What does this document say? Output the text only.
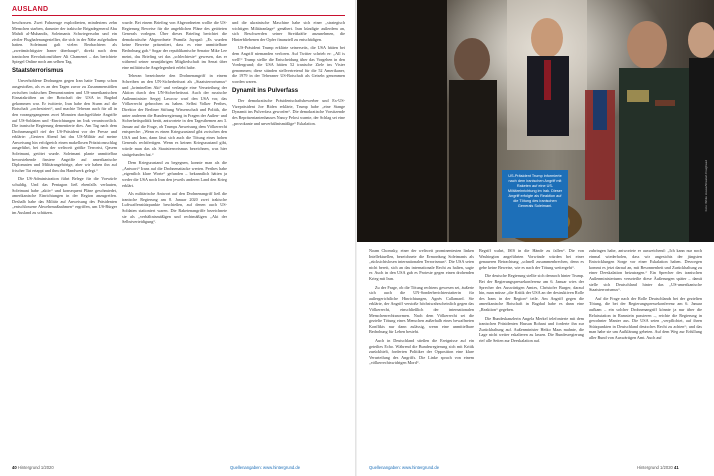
AUSLAND

beschossen. Zwei Fahrzeuge explodierten, mindestens zehn Menschen starben, darunter der irakische Brigadegeneral Abu Mahdi al-Muhandis, Soleimanis Schwiegersohn und ein ziviler Flughafenangestellter, die sich in der Nähe aufgehalten hatten. Soleimani galt vielen Beobachtern als „zweitmächtigster Iraner überhaupt“, direkt nach dem iranischen Revolutionsführer Ali Chamenei – das berichtete Spiegel Online noch am selben Tag.

Staatsterrorismus

Unverhohlene Drohungen gegen Iran hatte Trump schon ausgestoßen, als es an den Tagen zuvor zu Zusammenstößen zwischen irakischen Demonstranten und US-amerikanischen Einsatzkräften an der Botschaft der USA in Bagdad gekommen war. Er twitterte, Iran habe den Sturm auf die Botschaft „orchestriert“, und machte Teheran auch für all in den vorangegangenen zwei Monaten durchgeführte Angriffe auf US-Soldaten und -Einrichtungen im Irak verantwortlich. Die iranische Regierung dementierte dies. Am Tag nach dem Drohnenangriff rief der US-Präsident vor der Presse und erklärte: „Gestern Abend hat das US-Militär auf meine Anweisung hin erfolgreich einen makellosen Präzisionsschlag ausgeführt, bei dem der weltweit größte Terrorist, Qasem Soleimani, getötet wurde. Soleimani plante unmittelbar bevorstehende finstere Angriffe auf amerikanische Diplomaten und Militärangehörige, aber wir haben ihn auf frischer Tat ertappt und ihm das Handwerk gelegt.“

Die US-Administration führt Belege für die Vorwürfe schuldig. Und das Pentagon ließ ebenfalls verlauten, Soleimani habe „aktiv“ und konsequent Pläne geschmiedet, amerikanische Einrichtungen in der Region anzugreifen. Deshalb habe das Militär auf Anweisung des Präsidenten „entschlossene Abwehrmaßnahmen“ ergriffen, um US-Bürger im Ausland zu schützen.

wurde. Bei einem Briefing von Abgeordneten wollte die US-Regierung Beweise für die angeblichen Pläne des getöteten Generals vorlegen. Über dieses Briefing berichtet die demokratische Abgeordnete Pramila Jayapal: „Es wurden keine Beweise präsentiert, dass es eine unmittelbare Bedrohung gab.“ Sogar der republikanische Senator Mike Lee meint, das Briefing sei das „schlechteste“ gewesen, das er während seiner neunjährigen Mitgliedschaft im Senat über eine militärische Angelegenheit erlebt habe.

Teheran bezeichnete den Drohnenangriff in einem Schreiben an den UN-Sicherheitsrat als „Staatsterrorismus“ und „kriminellen Akt“ und verlangte eine Verurteilung der Aktion durch den UN-Sicherheitsrat. Auch der russische Außenminister Sergej Lawrow warf den USA vor, das Völkerrecht gebrochen zu haben. Selbst Volker Perthes, Direktor der Berliner Stiftung Wissenschaft und Politik, die unter anderem die Bundesregierung in Fragen der Außen- und Sicherheitspolitik berät, antwortete in den Tagesthemen am 3. Januar auf die Frage, ob Trumps Anweisung dem Völkerrecht entspreche: „Wenn es einen Kriegszustand gibt zwischen den USA und Iran, dann lässt sich auch die Tötung eines hohen Generals rechtfertigen. Wenn es keinen Kriegszustand gibt, würde man das als Staatsterrorismus bezeichnen, was hier stattgefunden hat.“

Dem Kriegszustand zu begegnen, konnte man als die „Antwort“ Irans auf die Drohnenattacke werten. Perthes habe „eigentlich klare Worte“ gefunden – bekanntlich hätten ja weder die USA noch Iran den jeweils anderen Land den Krieg erklärt.

Als militärische Antwort auf den Drohnenangriff ließ die iranische Regierung am 8. Januar 2020 zwei irakische Luftwaffenstützpunkte beschießen, auf denen auch US-Soldaten stationiert waren. Die Raketenangriffe bezeichnete sie als „verhältnismäßigen und rechtmäßigen „Akt der Selbstverteidigung“.

und die ukrainische Maschine habe sich einer „strategisch wichtigen Militäranlage“ genähert. Iran kündigte außerdem an, sich Beschwerden seiner Streitkräfte anzunehmen, die Hinterbliebenen der Opfer finanziell zu entschädigen.

US-Präsident Trump erklärte seinerseits, die USA hätten bei dem Angriff niemanden verloren. Auf Twitter schrieb er: „All is well!“ Trump stellte die Entscheidung über das Vorgehen in den Vordergrund; die USA hätten 52 iranische Ziele ins Visier genommen; diese stünden stellvertretend für die 52 Amerikaner, die 1979 in der Teheraner US-Botschaft als Geiseln genommen worden waren.

Dynamit ins Pulverfass

Der demokratische Präsidentschaftsbewerber und Ex-US-Vizepräsident Joe Biden erklärte, Trump habe „eine Stange Dynamit ins Pulverfass geworfen“. Die demokratische Vorsitzende des Repräsentantenhauses Nancy Pelosi warnte, der Schlag sei eine „provokante und unverhältnismäßige“ Eskalation.

40 Hintergrund 1/2020	Quellenangaben: www.hintergrund.de
Foto: White House/Shealah Craighead
US-Präsident Trump informierte nach dem iranischen Angriff mit Raketen auf eine US-Militäreinrichtung im Irak. Dieser Angriff erfolgte als Reaktion auf die Tötung des iranischen Generals Soleimani.

Noam Chomsky, einer der weltweit prominentesten linken Intellektuellen, bezeichnete die Ermordung Soleimanis als „rücksichtslosen internationalen Terrorismus“. Die USA seien nicht bereit, sich an das internationale Recht zu halten, sagte er. Auch in den USA gab es Proteste gegen einen drohenden Krieg mit Iran.

Zu der Frage, ob die Tötung rechtens gewesen sei, äußerte sich auch die UN-Sonderberichterstatterin für außergerichtliche Hinrichtungen, Agnès Callamard. Sie erklärte, der Angriff verstoße höchstwahrscheinlich gegen das Völkerrecht, einschließlich der internationalen Menschenrechtsnormen. Nach dem Völkerrecht sei die gezielte Tötung eines Menschen außerhalb eines bewaffneten Konflikts nur dann zulässig, wenn eine unmittelbare Bedrohung für Leben besteht.

Auch in Deutschland stießen die Ereignisse auf ein geteiltes Echo. Während die Bundesregierung sich mit Kritik zurückhielt, forderten Politiker der Opposition eine klare Verurteilung des Angriffs. Die Linke sprach von einem „völkerrechtswidrigen Mord“.

Begriff wahrt, ISIS in die Hände zu fallen“. Die von Washington angeführten Vorwände würden bei einer genaueren Betrachtung „schnell zusammenbrechen, denn es gebe keine Beweise, wie es nach der Tötung weitergeht“.

Die deutsche Regierung stellte sich dennoch hinter Trump. Bei der Regierungspressekonferenz am 6. Januar wies der Sprecher des Auswärtigen Amtes, Christofer Burger, darauf hin, man müsse „die Kritik der USA an der destruktiven Rolle des Irans in der Region“ teile. Am Angriff gegen die amerikanische Botschaft in Bagdad habe es dann eine „Reaktion“ gegeben.

Die Bundeskanzlerin Angela Merkel telefonierte mit dem iranischen Präsidenten Hassan Rohani und forderte ihn zur Zurückhaltung auf. Außenminister Heiko Maas mahnte, die Lage nicht weiter eskalieren zu lassen. Die Bundesregierung rief alle Seiten zur Deeskalation auf.

zubringen habe, antwortete er ausweichend: „Ich kann nur noch einmal wiederholen, dass wir angesichts der jüngsten Entwicklungen Sorge vor einer Eskalation haben. Deswegen kommt es jetzt darauf an, mit Besonnenheit und Zurückhaltung zu einer Deeskalation beizutragen.“ Ein Sprecher des iranischen Außenministeriums verurteilte diese Äußerungen später – damit stelle sich Deutschland hinter das „US-amerikanische Staatsterrorismus“.

Auf die Frage nach der Rolle Deutschlands bei der gezielten Tötung, die bei der Regierungspressekonferenz am 6. Januar aufkam – ein solcher Drohnenangriff könnte ja nur über die Relaisstation in Ramstein passieren –, reichte die Regierung in gewohnter Manier aus. Die USA seien „verpflichtet, auf ihren Stützpunkten in Deutschland deutsches Recht zu achten“; und das man habe sie um Aufklärung gebeten. Auf dem Weg zur Erfüllung aller Bund von Auswärtigen Amt. Auch auf

Quellenangaben: www.hintergrund.de	Hintergrund 1/2020 41
